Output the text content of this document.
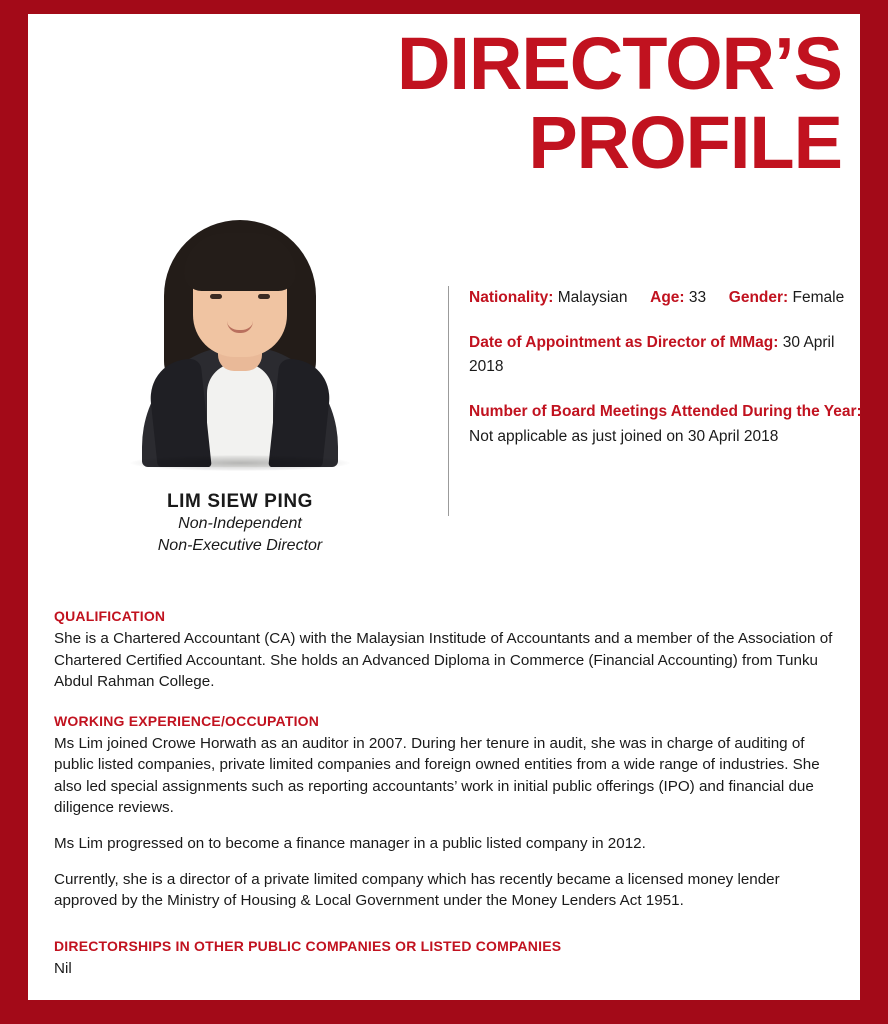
DIRECTOR’S
PROFILE
LIM SIEW PING
Non-Independent
Non-Executive Director
Nationality: Malaysian Age: 33 Gender: Female
Date of Appointment as Director of MMag: 30 April 2018
Number of Board Meetings Attended During the Year:
Not applicable as just joined on 30 April 2018
QUALIFICATION

She is a Chartered Accountant (CA) with the Malaysian Institude of Accountants and a member of the Association of Chartered Certified Accountant. She holds an Advanced Diploma in Commerce (Financial Accounting) from Tunku Abdul Rahman College.

WORKING EXPERIENCE/OCCUPATION

Ms Lim joined Crowe Horwath as an auditor in 2007. During her tenure in audit, she was in charge of auditing of public listed companies, private limited companies and foreign owned entities from a wide range of industries. She also led special assignments such as reporting accountants’ work in initial public offerings (IPO) and financial due diligence reviews.

Ms Lim progressed on to become a finance manager in a public listed company in 2012.

Currently, she is a director of a private limited company which has recently became a licensed money lender approved by the Ministry of Housing & Local Government under the Money Lenders Act 1951.

DIRECTORSHIPS IN OTHER PUBLIC COMPANIES OR LISTED COMPANIES

Nil
